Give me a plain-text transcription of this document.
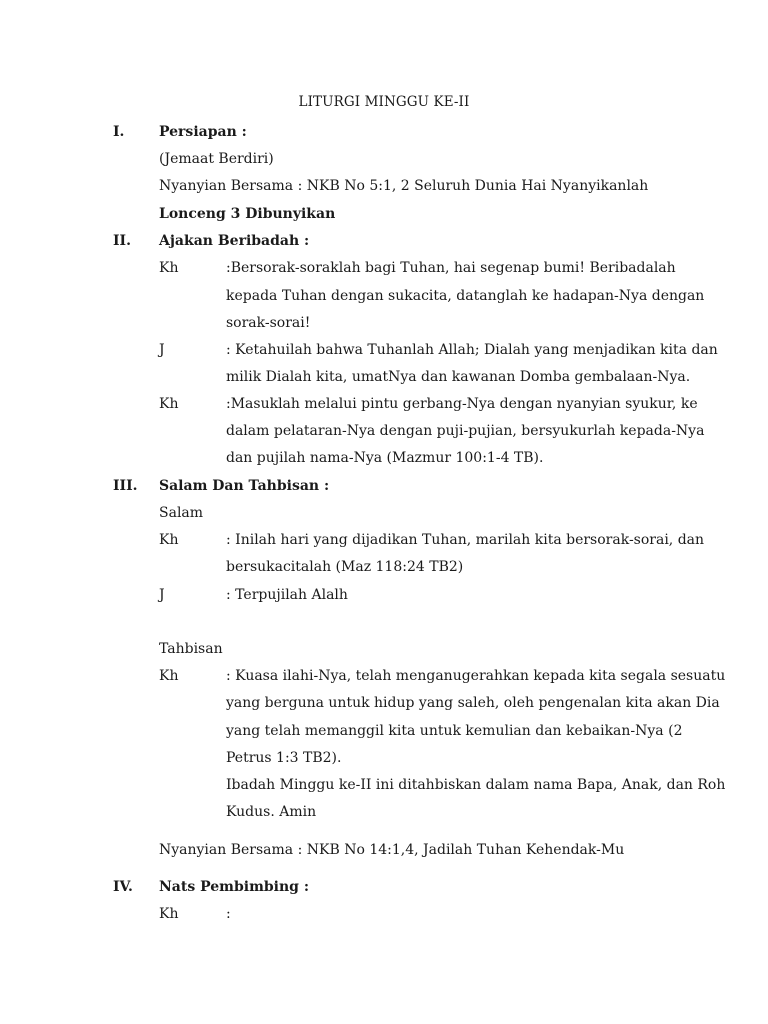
LITURGI MINGGU KE-II
I. Persiapan :
(Jemaat Berdiri)
Nyanyian Bersama : NKB No 5:1, 2 Seluruh Dunia Hai Nyanyikanlah
Lonceng 3 Dibunyikan
II. Ajakan Beribadah :
Kh	:Bersorak-soraklah bagi Tuhan, hai segenap bumi! Beribadalah
kepada Tuhan dengan sukacita, datanglah ke hadapan-Nya dengan
sorak-sorai!
J	: Ketahuilah bahwa Tuhanlah Allah; Dialah yang menjadikan kita dan
milik Dialah kita, umatNya dan kawanan Domba gembalaan-Nya.
Kh	:Masuklah melalui pintu gerbang-Nya dengan nyanyian syukur, ke
dalam pelataran-Nya dengan puji-pujian, bersyukurlah kepada-Nya
dan pujilah nama-Nya (Mazmur 100:1-4 TB).
III. Salam Dan Tahbisan :
Salam
Kh	: Inilah hari yang dijadikan Tuhan, marilah kita bersorak-sorai, dan
bersukacitalah (Maz 118:24 TB2)
J	: Terpujilah Alalh
Tahbisan
Kh	: Kuasa ilahi-Nya, telah menganugerahkan kepada kita segala sesuatu
yang berguna untuk hidup yang saleh, oleh pengenalan kita akan Dia
yang telah memanggil kita untuk kemulian dan kebaikan-Nya (2
Petrus 1:3 TB2).
Ibadah Minggu ke-II ini ditahbiskan dalam nama Bapa, Anak, dan Roh
Kudus. Amin
Nyanyian Bersama : NKB No 14:1,4, Jadilah Tuhan Kehendak-Mu
IV. Nats Pembimbing :
Kh	:
